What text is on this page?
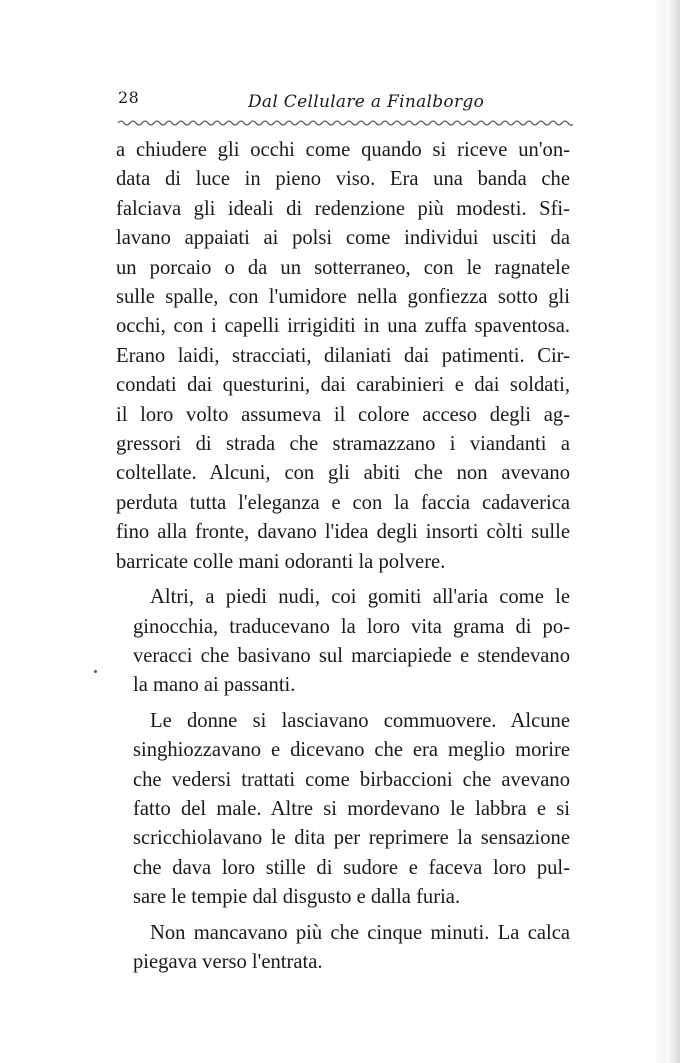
28	Dal Cellulare a Finalborgo
a chiudere gli occhi come quando si riceve un'on-
data di luce in pieno viso. Era una banda che
falciava gli ideali di redenzione più modesti. Sfi-
lavano appaiati ai polsi come individui usciti da
un porcaio o da un sotterraneo, con le ragnatele
sulle spalle, con l'umidore nella gonfiezza sotto gli
occhi, con i capelli irrigiditi in una zuffa spaventosa.
Erano laidi, stracciati, dilaniati dai patimenti. Cir-
condati dai questurini, dai carabinieri e dai soldati,
il loro volto assumeva il colore acceso degli ag-
gressori di strada che stramazzano i viandanti a
coltellate. Alcuni, con gli abiti che non avevano
perduta tutta l'eleganza e con la faccia cadaverica
fino alla fronte, davano l'idea degli insorti còlti sulle
barricate colle mani odoranti la polvere.
Altri, a piedi nudi, coi gomiti all'aria come le
ginocchia, traducevano la loro vita grama di po-
veracci che basivano sul marciapiede e stendevano
la mano ai passanti.
Le donne si lasciavano commuovere. Alcune
singhiozzavano e dicevano che era meglio morire
che vedersi trattati come birbaccioni che avevano
fatto del male. Altre si mordevano le labbra e si
scricchiolavano le dita per reprimere la sensazione
che dava loro stille di sudore e faceva loro pul-
sare le tempie dal disgusto e dalla furia.
Non mancavano più che cinque minuti. La calca
piegava verso l'entrata.
